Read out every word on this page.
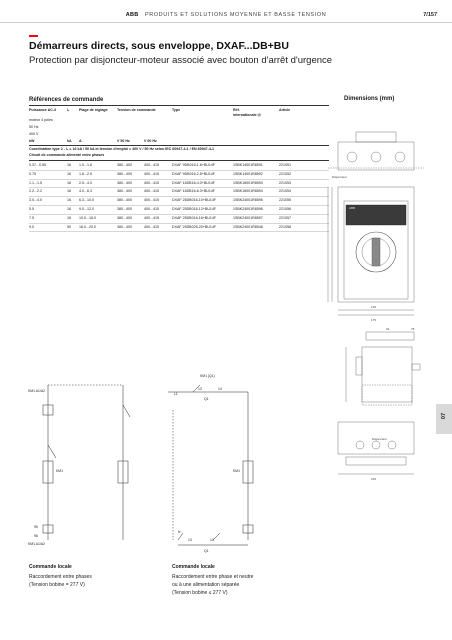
ABB PRODUITS ET SOLUTIONS MOYENNE ET BASSE TENSION	7/157
Démarreurs directs, sous enveloppe, DXAF...DB+BU
Protection par disjoncteur-moteur associé avec bouton d'arrêt d'urgence
Références de commande	Dimensions (mm)
Puissance AC-3	Iₑ	Plage de réglage	Tension de commande	Type	Réf.
internationale @
Article
moteur 4 pôles
50 Hz
400 V
kW	kA A	V 50 Hz	V 60 Hz
Coordination type 2 - Iₒ = 16 kA / 50 kA et tension d'emploi = 400 V / 50 Hz selon IEC 60947-4-1 / EN 60947-4-1
Circuit de commande alimenté entre phases
0.37...0.55	16 1.0...1.6	380...400	400...415	DXAF 9DB016-1.6+BU14F	1SBK14001R8591	221051
0.75	16 1.6...2.5	380...400	400...415	DXAF 9DB016-2.5+BU14F	1SBK14001R8592	221052
1.1...1.5	16 2.5...4.0	380...400	400...415	DXAF 16DB16-4.0+BU14F	1SBK16001R8593	221053
2.2...2.2	16 4.0...6.3	380...400	400...415	DXAF 16DB16-6.3+BU14F	1SBK16001R8594	221054
3.0...4.0	16 6.3...10.0	380...400	400...415	DXAF 25DB016-10+BU14F	1SBK24001R8595	221055
5.5	16 9.0...12.0	380...400	400...415	DXAF 25DB016-12+BU14F	1SBK24001R8596	221056
7.5	16 10.0...16.0	380...400	400...415	DXAF 25DB016-16+BU14F	1SBK24001R8597	221057
9.0	50 16.0...20.0	380...400	400...415	DXAF 25DB025-20+BU14F	1SBK24001R8548	221058
Disjoncteur
ABB
135
175
62	78
Disjoncteur
155
KM1 A1/A2
KM1 (Q1)
L1
13	14
Q1
KM1	KM1
N
13	14
Q1
95
96
KM1 A1/A2
07
Commande locale
Raccordement entre phases
(Tension bobine = 277 V)
Commande locale
Raccordement entre phase et neutre
ou à une alimentation séparée
(Tension bobine ≤ 277 V)
